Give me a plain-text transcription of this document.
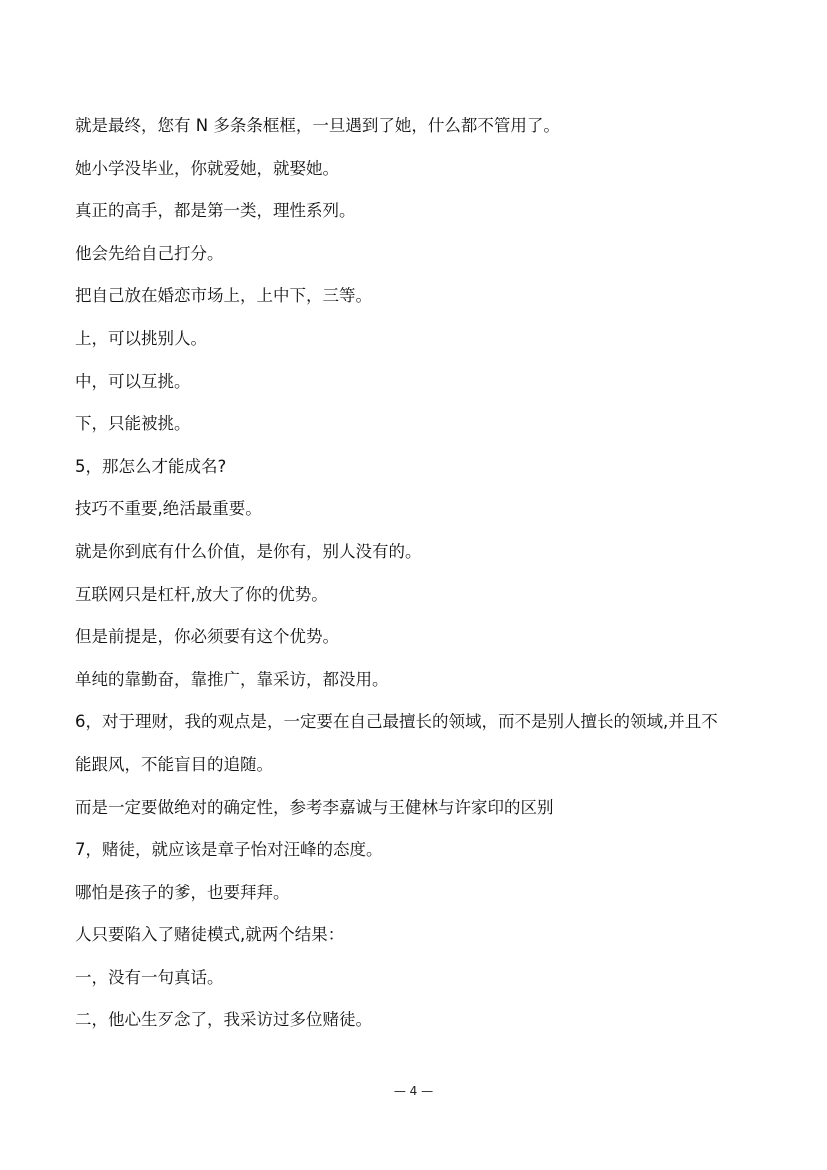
就是最终，您有 N 多条条框框，一旦遇到了她，什么都不管用了。
她小学没毕业，你就爱她，就娶她。
真正的高手，都是第一类，理性系列。
他会先给自己打分。
把自己放在婚恋市场上，上中下，三等。
上，可以挑别人。
中，可以互挑。
下，只能被挑。
5，那怎么才能成名?
技巧不重要,绝活最重要。
就是你到底有什么价值，是你有，别人没有的。
互联网只是杠杆,放大了你的优势。
但是前提是，你必须要有这个优势。
单纯的靠勤奋，靠推广，靠采访，都没用。
6，对于理财，我的观点是，一定要在自己最擅长的领域，而不是别人擅长的领域,并且不
能跟风，不能盲目的追随。
而是一定要做绝对的确定性，参考李嘉诚与王健林与许家印的区别
7，赌徒，就应该是章子怡对汪峰的态度。
哪怕是孩子的爹，也要拜拜。
人只要陷入了赌徒模式,就两个结果：
一，没有一句真话。
二，他心生歹念了，我采访过多位赌徒。
— 4 —
